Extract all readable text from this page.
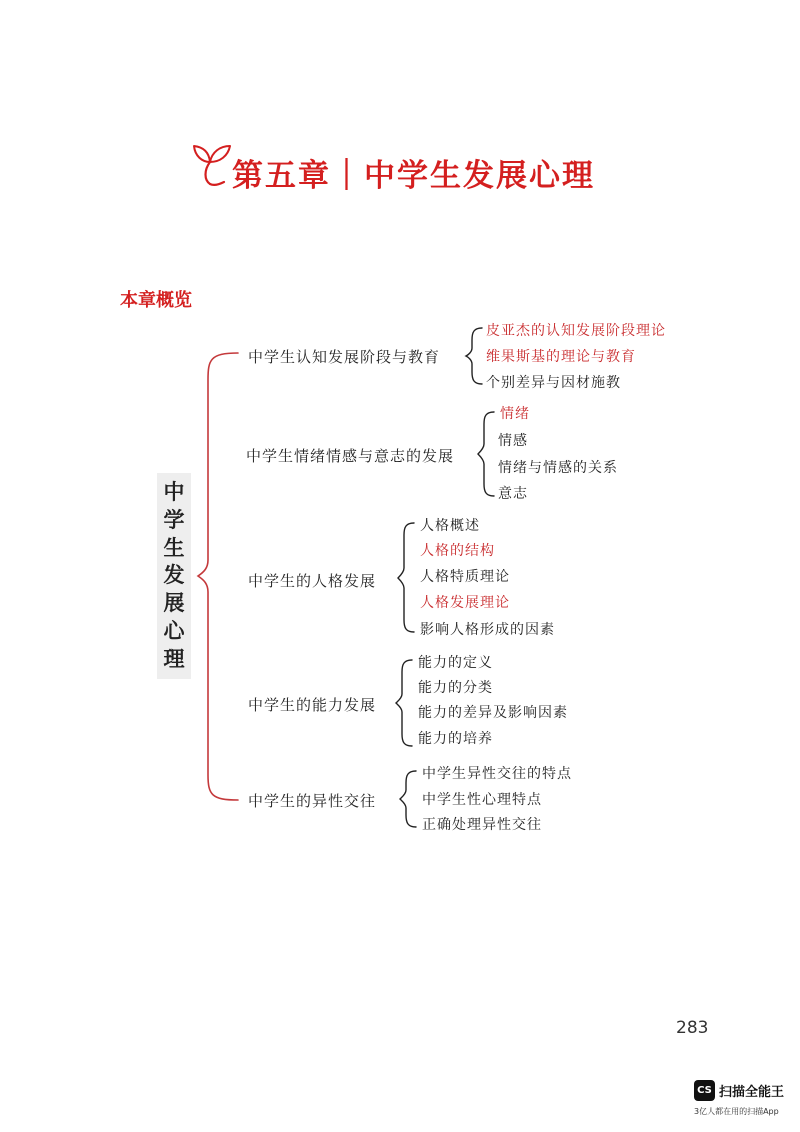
第五章｜中学生发展心理
本章概览
中
学
生
发
展
心
理
中学生认知发展阶段与教育
皮亚杰的认知发展阶段理论
维果斯基的理论与教育
个别差异与因材施教
中学生情绪情感与意志的发展
情绪
情感
情绪与情感的关系
意志
中学生的人格发展
人格概述
人格的结构
人格特质理论
人格发展理论
影响人格形成的因素
中学生的能力发展
能力的定义
能力的分类
能力的差异及影响因素
能力的培养
中学生的异性交往
中学生异性交往的特点
中学生性心理特点
正确处理异性交往
283
CS 扫描全能王
3亿人都在用的扫描App
